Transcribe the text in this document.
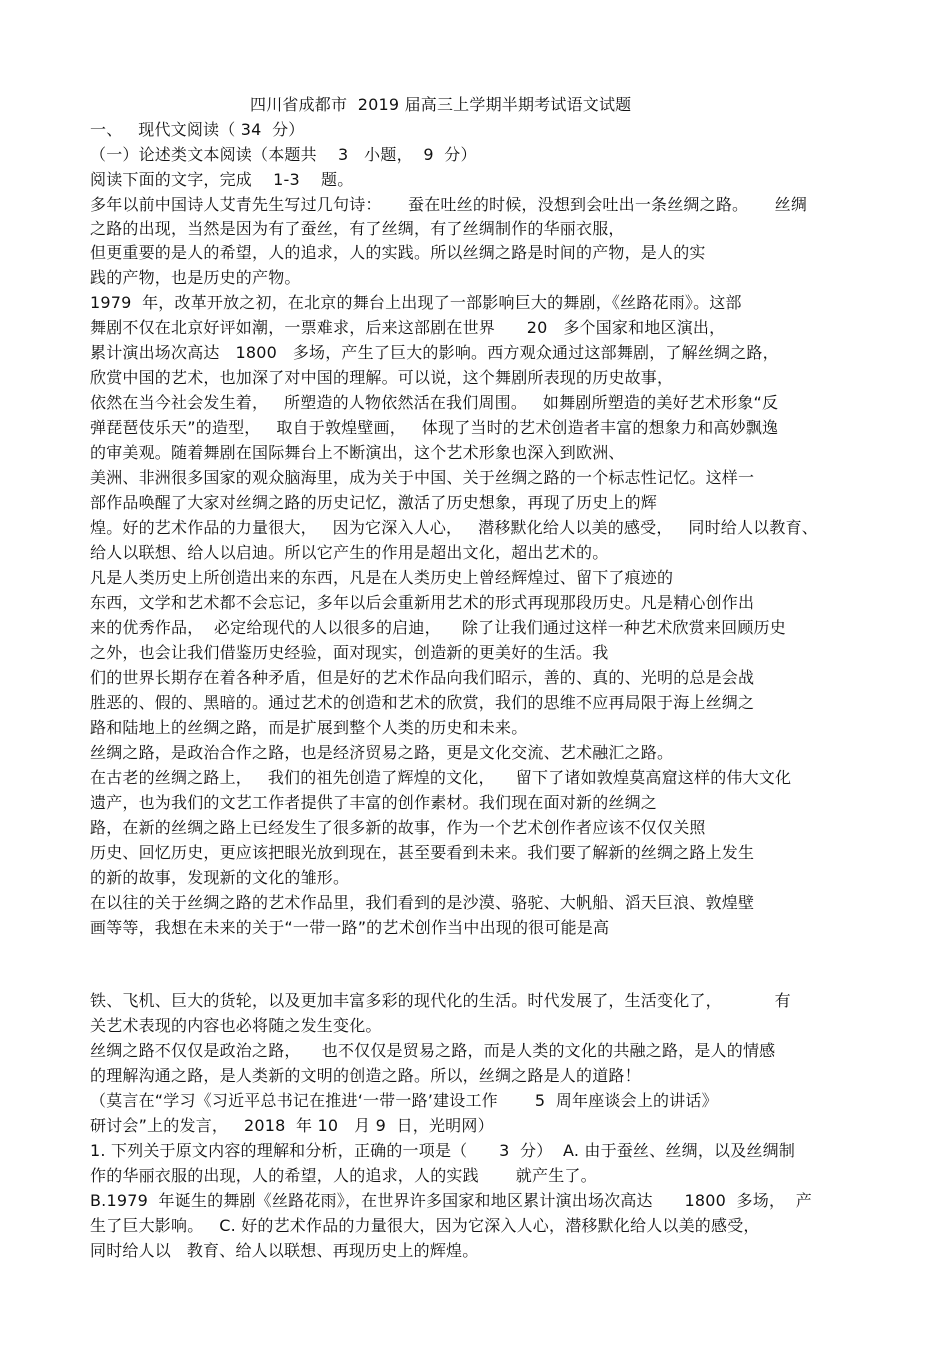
四川省成都市  2019 届高三上学期半期考试语文试题
一、   现代文阅读（ 34  分）
（一）论述类文本阅读（本题共    3   小题，  9  分）
阅读下面的文字，完成    1-3    题。
多年以前中国诗人艾青先生写过几句诗：     蚕在吐丝的时候，没想到会吐出一条丝绸之路。     丝绸
之路的出现，当然是因为有了蚕丝，有了丝绸，有了丝绸制作的华丽衣服，
但更重要的是人的希望，人的追求，人的实践。所以丝绸之路是时间的产物，是人的实
践的产物，也是历史的产物。
1979  年，改革开放之初，在北京的舞台上出现了一部影响巨大的舞剧，《丝路花雨》。这部
舞剧不仅在北京好评如潮，一票难求，后来这部剧在世界      20   多个国家和地区演出，
累计演出场次高达   1800   多场，产生了巨大的影响。西方观众通过这部舞剧，了解丝绸之路，
欣赏中国的艺术，也加深了对中国的理解。可以说，这个舞剧所表现的历史故事，
依然在当今社会发生着，   所塑造的人物依然活在我们周围。   如舞剧所塑造的美好艺术形象“反
弹琵琶伎乐天”的造型，   取自于敦煌壁画，   体现了当时的艺术创造者丰富的想象力和高妙飘逸
的审美观。随着舞剧在国际舞台上不断演出，这个艺术形象也深入到欧洲、
美洲、非洲很多国家的观众脑海里，成为关于中国、关于丝绸之路的一个标志性记忆。这样一
部作品唤醒了大家对丝绸之路的历史记忆，激活了历史想象，再现了历史上的辉
煌。好的艺术作品的力量很大，   因为它深入人心，   潜移默化给人以美的感受，   同时给人以教育、
给人以联想、给人以启迪。所以它产生的作用是超出文化，超出艺术的。
凡是人类历史上所创造出来的东西，凡是在人类历史上曾经辉煌过、留下了痕迹的
东西，文学和艺术都不会忘记，多年以后会重新用艺术的形式再现那段历史。凡是精心创作出
来的优秀作品，  必定给现代的人以很多的启迪，    除了让我们通过这样一种艺术欣赏来回顾历史
之外，也会让我们借鉴历史经验，面对现实，创造新的更美好的生活。我
们的世界长期存在着各种矛盾，但是好的艺术作品向我们昭示，善的、真的、光明的总是会战
胜恶的、假的、黑暗的。通过艺术的创造和艺术的欣赏，我们的思维不应再局限于海上丝绸之
路和陆地上的丝绸之路，而是扩展到整个人类的历史和未来。
丝绸之路，是政治合作之路，也是经济贸易之路，更是文化交流、艺术融汇之路。
在古老的丝绸之路上，   我们的祖先创造了辉煌的文化，    留下了诸如敦煌莫高窟这样的伟大文化
遗产，也为我们的文艺工作者提供了丰富的创作素材。我们现在面对新的丝绸之
路，在新的丝绸之路上已经发生了很多新的故事，作为一个艺术创作者应该不仅仅关照
历史、回忆历史，更应该把眼光放到现在，甚至要看到未来。我们要了解新的丝绸之路上发生
的新的故事，发现新的文化的雏形。
在以往的关于丝绸之路的艺术作品里，我们看到的是沙漠、骆驼、大帆船、滔天巨浪、敦煌壁
画等等，我想在未来的关于“一带一路”的艺术创作当中出现的很可能是高
铁、飞机、巨大的货轮，以及更加丰富多彩的现代化的生活。时代发展了，生活变化了，          有
关艺术表现的内容也必将随之发生变化。
丝绸之路不仅仅是政治之路，    也不仅仅是贸易之路，而是人类的文化的共融之路，是人的情感
的理解沟通之路，是人类新的文明的创造之路。所以，丝绸之路是人的道路！
（莫言在“学习《习近平总书记在推进‘一带一路’建设工作       5  周年座谈会上的讲话》
研讨会”上的发言，   2018  年 10   月 9  日，光明网）
1. 下列关于原文内容的理解和分析，正确的一项是（      3  分）  A. 由于蚕丝、丝绸，以及丝绸制
作的华丽衣服的出现，人的希望，人的追求，人的实践       就产生了。
B.1979  年诞生的舞剧《丝路花雨》，在世界许多国家和地区累计演出场次高达      1800  多场，  产
生了巨大影响。   C. 好的艺术作品的力量很大，因为它深入人心，潜移默化给人以美的感受，
同时给人以   教育、给人以联想、再现历史上的辉煌。
